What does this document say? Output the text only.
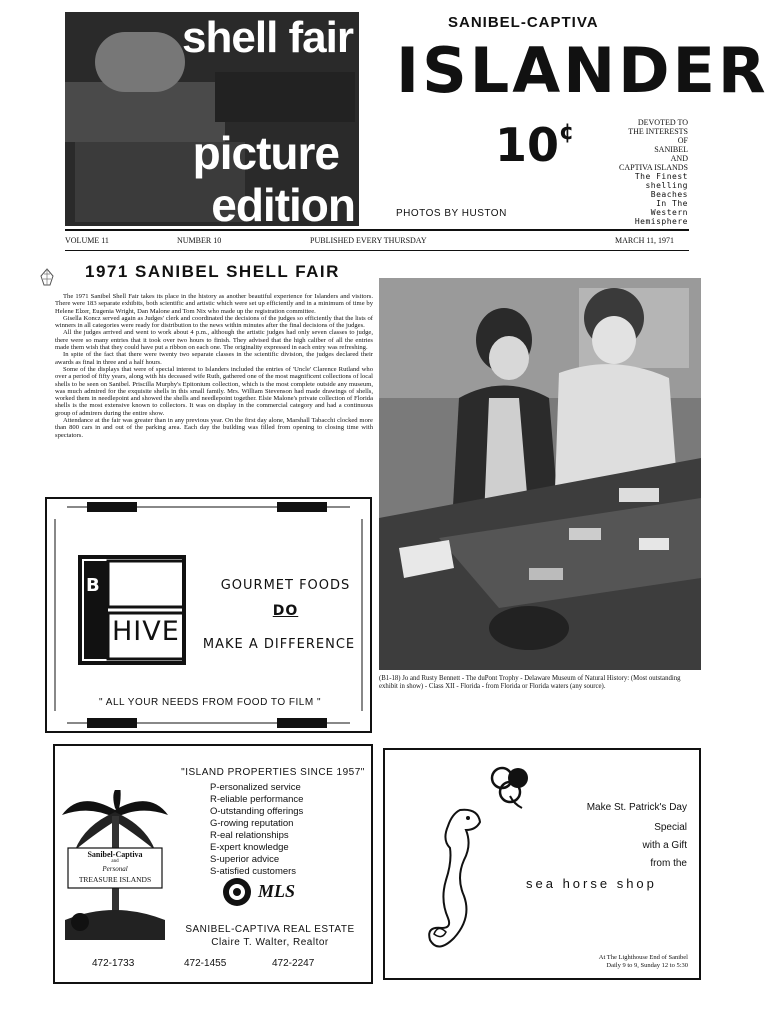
shell fair
picture
edition
SANIBEL-CAPTIVA
ISLANDER
10¢	DEVOTED TO
THE INTERESTS
OF
SANIBEL
AND
CAPTIVA ISLANDS
The Finest
shelling
Beaches
In The
Western
Hemisphere
PHOTOS BY HUSTON
VOLUME 11	NUMBER 10	PUBLISHED EVERY THURSDAY	MARCH 11, 1971
1971 SANIBEL SHELL FAIR

The 1971 Sanibel Shell Fair takes its place in the history as another beautiful experience for Islanders and visitors. There were 183 separate exhibits, both scientific and artistic which were set up efficiently and in a minimum of time by Helene Elzer, Eugenia Wright, Dan Malone and Tom Nix who made up the registration committee.

Gisella Koncz served again as Judges' clerk and coordinated the decisions of the judges so efficiently that the lists of winners in all categories were ready for distribution to the news within minutes after the final decisions of the judges.

All the judges arrived and went to work about 4 p.m., although the artistic judges had only seven classes to judge, there were so many entries that it took over two hours to finish. They advised that the high caliber of all the entries made them wish that they could have put a ribbon on each one. The originality expressed in each entry was refreshing.

In spite of the fact that there were twenty two separate classes in the scientific division, the judges declared their awards as final in three and a half hours.

Some of the displays that were of special interest to Islanders included the entries of 'Uncle' Clarence Rutland who over a period of fifty years, along with his deceased wife Ruth, gathered one of the most magnificent collections of local shells to be seen on Sanibel. Priscilla Murphy's Epitonium collection, which is the most complete outside any museum, was much admired for the exquisite shells in this small family. Mrs. William Stevenson had made drawings of shells, worked them in needlepoint and showed the shells and needlepoint together. Elsie Malone's private collection of Florida shells is the most extensive known to collectors. It was on display in the commercial category and had a continuous group of admirers during the entire show.

Attendance at the fair was greater than in any previous year. On the first day alone, Marshall Tabacchi clocked more than 800 cars in and out of the parking area. Each day the building was filled from opening to closing time with spectators.

(B1-18) Jo and Rusty Bennett - The duPont Trophy - Delaware Museum of Natural History: (Most outstanding exhibit in show) - Class XII - Florida - from Florida or Florida waters (any source).
B
HIVE
GOURMET FOODS
DO
MAKE A DIFFERENCE
" ALL YOUR NEEDS FROM FOOD TO FILM "
"ISLAND PROPERTIES SINCE 1957"
P-ersonalized service
R-eliable performance
O-utstanding offerings
G-rowing reputation
R-eal relationships
E-xpert knowledge
S-uperior advice
S-atisfied customers
Sanibel-Captiva
and
Personal
TREASURE ISLANDS
MLS
SANIBEL-CAPTIVA REAL ESTATE
Claire T. Walter, Realtor
472-1733	472-1455	472-2247
Make St. Patrick's Day
Special
with a Gift
from the
sea horse shop
At The Lighthouse End of Sanibel
Daily 9 to 9, Sunday 12 to 5:30
